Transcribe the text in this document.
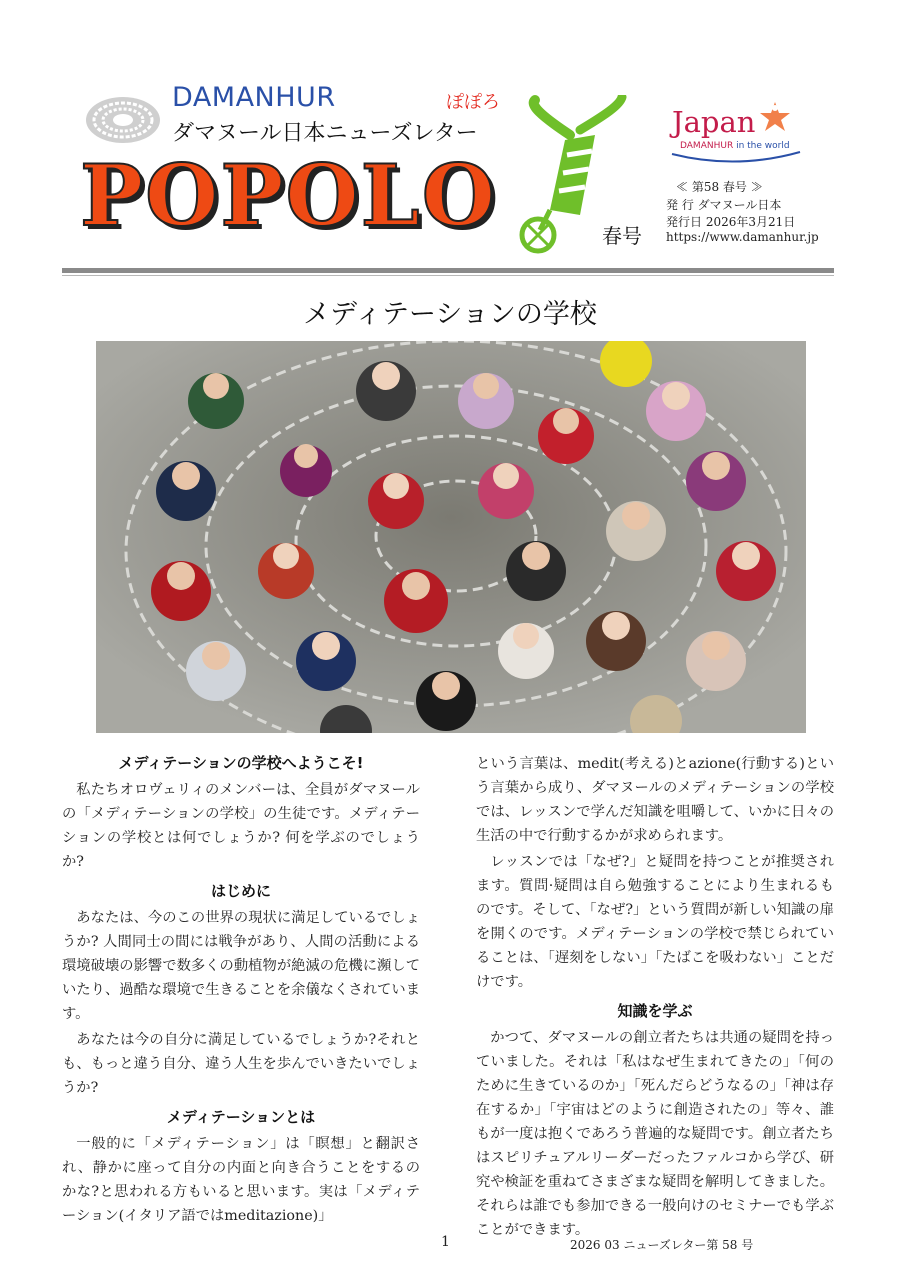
DAMANHUR
ダマヌール日本ニューズレター
ぽぽろ
POPOLO	春号
Japan
DAMANHUR in the world
≪ 第58 春号 ≫
発 行 ダマヌール日本
発行日 2026年3月21日
https://www.damanhur.jp
メディテーションの学校
メディテーションの学校へようこそ!

私たちオロヴェリィのメンバーは、全員がダマヌールの「メディテーションの学校」の生徒です。メディテーションの学校とは何でしょうか? 何を学ぶのでしょうか?

はじめに

あなたは、今のこの世界の現状に満足しているでしょうか? 人間同士の間には戦争があり、人間の活動による環境破壊の影響で数多くの動植物が絶滅の危機に瀕していたり、過酷な環境で生きることを余儀なくされています。

あなたは今の自分に満足しているでしょうか?それとも、もっと違う自分、違う人生を歩んでいきたいでしょうか?

メディテーションとは

一般的に「メディテーション」は「瞑想」と翻訳され、静かに座って自分の内面と向き合うことをするのかな?と思われる方もいると思います。実は「メディテーション(イタリア語ではmeditazione)」

という言葉は、medit(考える)とazione(行動する)という言葉から成り、ダマヌールのメディテーションの学校では、レッスンで学んだ知識を咀嚼して、いかに日々の生活の中で行動するかが求められます。

レッスンでは「なぜ?」と疑問を持つことが推奨されます。質問·疑問は自ら勉強することにより生まれるものです。そして、「なぜ?」という質問が新しい知識の扉を開くのです。メディテーションの学校で禁じられていることは、「遅刻をしない」「たばこを吸わない」ことだけです。

知識を学ぶ

かつて、ダマヌールの創立者たちは共通の疑問を持っていました。それは「私はなぜ生まれてきたの」「何のために生きているのか」「死んだらどうなるの」「神は存在するか」「宇宙はどのように創造されたの」等々、誰もが一度は抱くであろう普遍的な疑問です。創立者たちはスピリチュアルリーダーだったファルコから学び、研究や検証を重ねてさまざまな疑問を解明してきました。それらは誰でも参加できる一般向けのセミナーでも学ぶことができます。

1	2026 03 ニューズレター第 58 号
